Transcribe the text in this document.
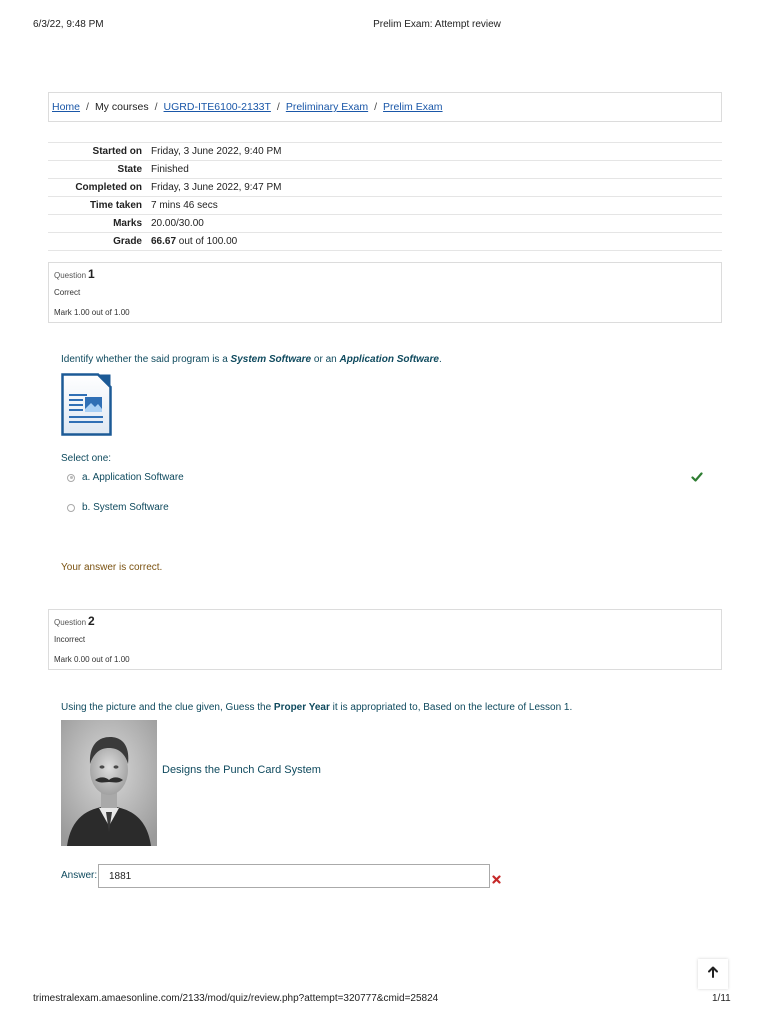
6/3/22, 9:48 PM	Prelim Exam: Attempt review
Home / My courses / UGRD-ITE6100-2133T / Preliminary Exam / Prelim Exam
Started on	Friday, 3 June 2022, 9:40 PM
State	Finished
Completed on	Friday, 3 June 2022, 9:47 PM
Time taken	7 mins 46 secs
Marks	20.00/30.00
Grade	66.67 out of 100.00
Question 1
Correct
Mark 1.00 out of 1.00
Identify whether the said program is a System Software or an Application Software.
Select one:
a. Application Software
b. System Software
Your answer is correct.
Question 2
Incorrect
Mark 0.00 out of 1.00
Using the picture and the clue given, Guess the Proper Year it is appropriated to, Based on the lecture of Lesson 1.
Designs the Punch Card System
Answer:	1881
trimestralexam.amaesonline.com/2133/mod/quiz/review.php?attempt=320777&cmid=25824	1/11
